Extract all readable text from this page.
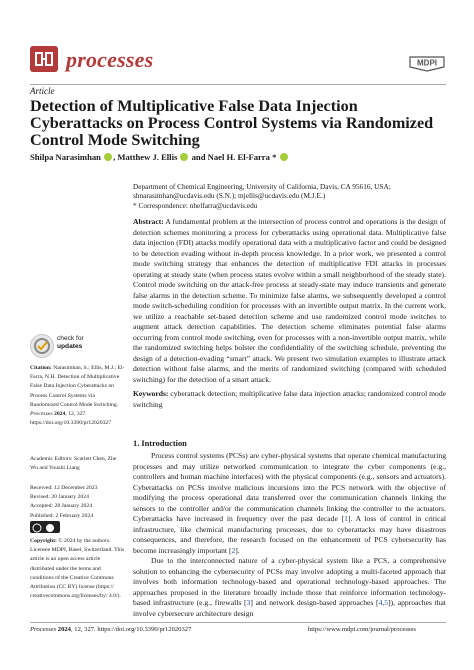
processes	MDPI
Article
Detection of Multiplicative False Data Injection Cyberattacks on Process Control Systems via Randomized Control Mode Switching
Shilpa Narasimhan , Matthew J. Ellis and Nael H. El-Farra *
Department of Chemical Engineering, University of California, Davis, CA 95616, USA;
shnarasimhan@ucdavis.edu (S.N.); mjellis@ucdavis.edu (M.J.E.)
* Correspondence: nhelfarra@ucdavis.edu
Abstract: A fundamental problem at the intersection of process control and operations is the design of detection schemes monitoring a process for cyberattacks using operational data. Multiplicative false data injection (FDI) attacks modify operational data with a multiplicative factor and could be designed to be detection evading without in-depth process knowledge. In a prior work, we presented a control mode switching strategy that enhances the detection of multiplicative FDI attacks in processes operating at steady state (when process states evolve within a small neighborhood of the steady state). Control mode switching on the attack-free process at steady-state may induce transients and generate false alarms in the detection scheme. To minimize false alarms, we subsequently developed a control mode switch-scheduling condition for processes with an invertible output matrix. In the current work, we utilize a reachable set-based detection scheme and use randomized control mode switches to augment attack detection capabilities. The detection scheme eliminates potential false alarms occurring from control mode switching, even for processes with a non-invertible output matrix, while the randomized switching helps bolster the confidentiality of the switching schedule, preventing the design of a detection-evading “smart” attack. We present two simulation examples to illustrate attack detection without false alarms, and the merits of randomized switching (compared with scheduled switching) for the detection of a smart attack.
Keywords: cyberattack detection; multiplicative false data injection attacks; randomized control mode switching
1. Introduction
Process control systems (PCSs) are cyber-physical systems that operate chemical manufacturing processes and may utilize networked communication to integrate the cyber components (e.g., controllers and human machine interfaces) with the physical components (e.g., sensors and actuators). Cyberattacks on PCSs involve malicious incursions into the PCS network with the objective of modifying the process operational data transferred over the communication channels linking the sensors to the controller and/or the communication channels linking the controller to the actuators. Cyberattacks have increased in frequency over the past decade [1]. A loss of control in critical infrastructure, like chemical manufacturing processes, due to cyberattacks may have disastrous consequences, and therefore, the research focused on the enhancement of PCS cybersecurity has become increasingly important [2].
Due to the interconnected nature of a cyber-physical system like a PCS, a comprehensive solution to enhancing the cybersecurity of PCSs may involve adopting a multi-faceted approach that involves both information technology-based and operational technology-based approaches. The approaches proposed in the literature broadly include those that reinforce information technology-based infrastructure (e.g., firewalls [3] and network design-based approaches [4,5]), approaches that involve cybersecure architecture design
check for
updates
Citation: Narasimhan, S.; Ellis, M.J.; El-Farra, N.H. Detection of Multiplicative False Data Injection Cyberattacks on Process Control Systems via Randomized Control Mode Switching. Processes 2024, 12, 327. https://doi.org/10.3390/pr12020327
Academic Editors: Scarlett Chen, Zhe Wu and Youzhi Liang
Received: 12 December 2023
Revised: 20 January 2024
Accepted: 28 January 2024
Published: 2 February 2024
Copyright: © 2024 by the authors. Licensee MDPI, Basel, Switzerland. This article is an open access article distributed under the terms and conditions of the Creative Commons Attribution (CC BY) license (https:// creativecommons.org/licenses/by/ 4.0/).
Processes 2024, 12, 327. https://doi.org/10.3390/pr12020327	https://www.mdpi.com/journal/processes
